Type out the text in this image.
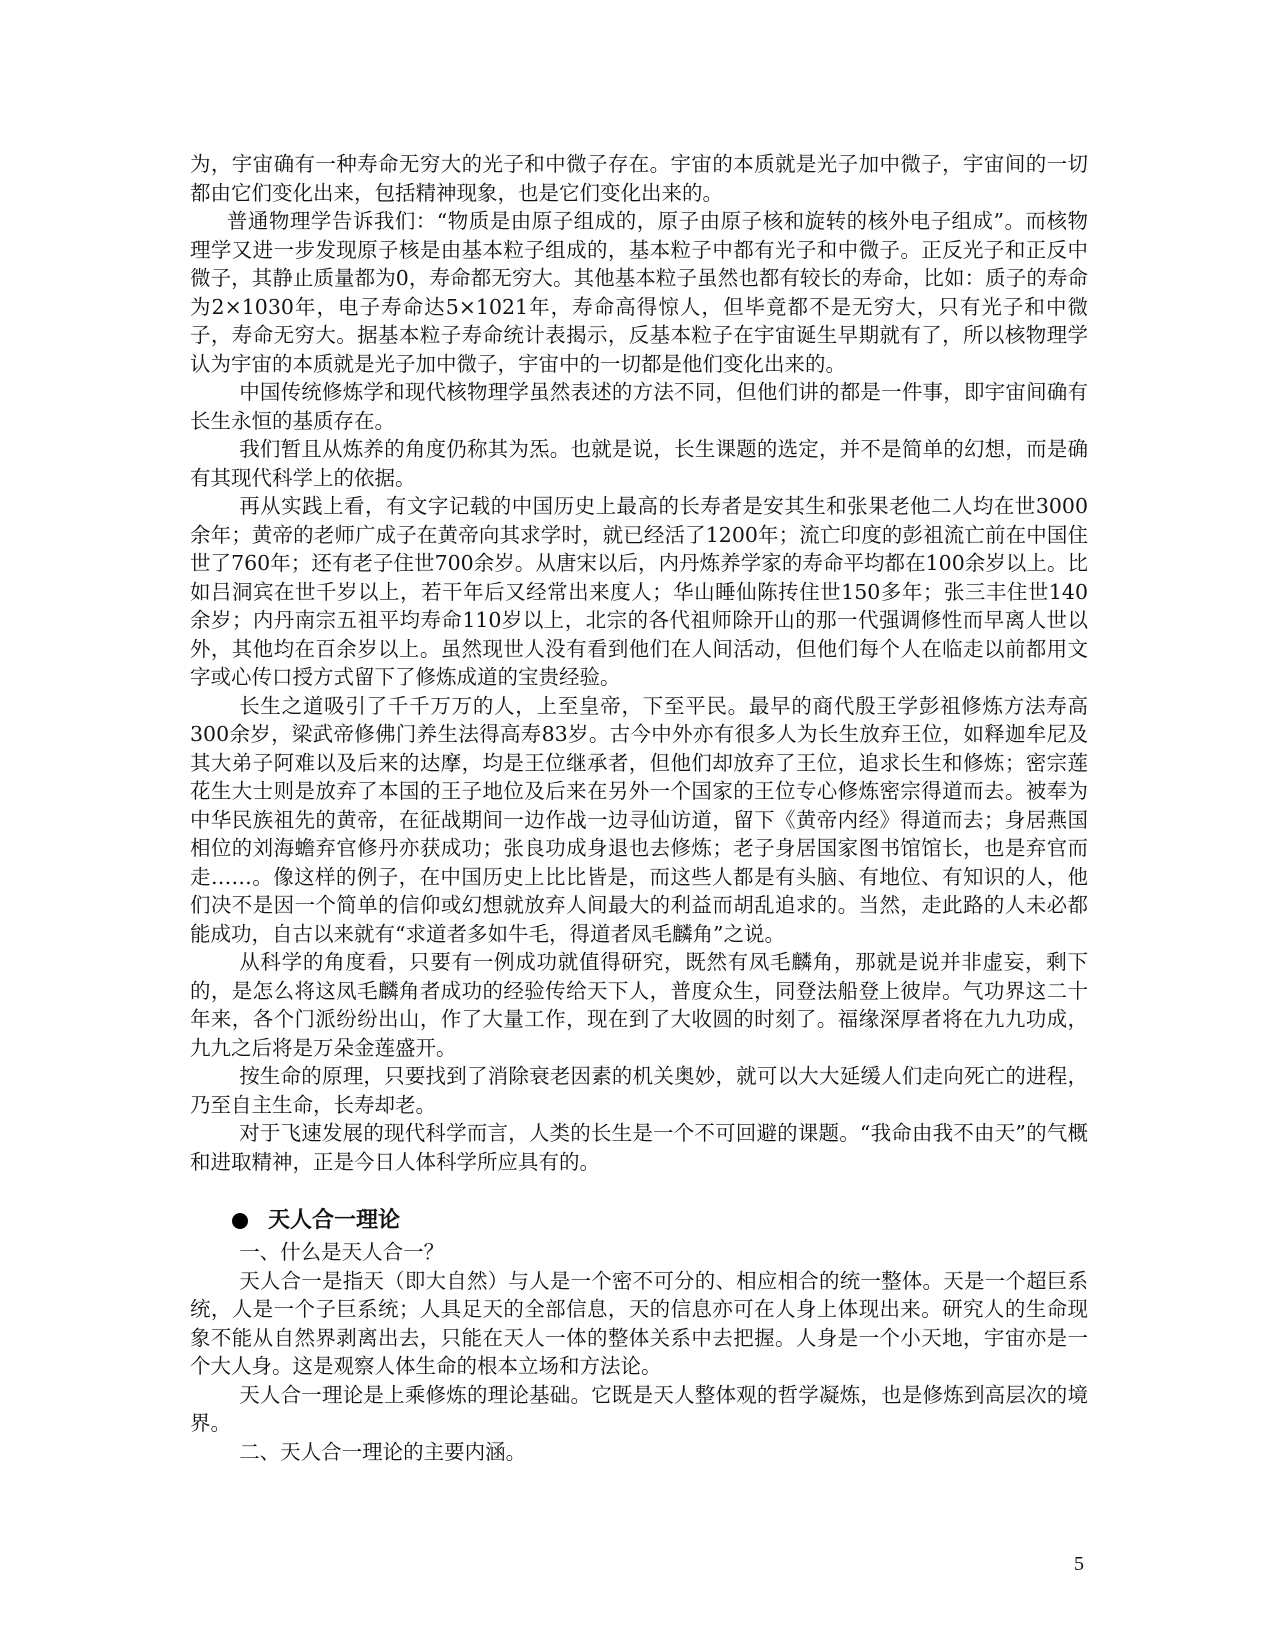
为，宇宙确有一种寿命无穷大的光子和中微子存在。宇宙的本质就是光子加中微子，宇宙间的一切都由它们变化出来，包括精神现象，也是它们变化出来的。

普通物理学告诉我们：“物质是由原子组成的，原子由原子核和旋转的核外电子组成”。而核物理学又进一步发现原子核是由基本粒子组成的，基本粒子中都有光子和中微子。正反光子和正反中微子，其静止质量都为0，寿命都无穷大。其他基本粒子虽然也都有较长的寿命，比如：质子的寿命为2×1030年，电子寿命达5×1021年，寿命高得惊人，但毕竟都不是无穷大，只有光子和中微子，寿命无穷大。据基本粒子寿命统计表揭示，反基本粒子在宇宙诞生早期就有了，所以核物理学认为宇宙的本质就是光子加中微子，宇宙中的一切都是他们变化出来的。

中国传统修炼学和现代核物理学虽然表述的方法不同，但他们讲的都是一件事，即宇宙间确有长生永恒的基质存在。

我们暂且从炼养的角度仍称其为炁。也就是说，长生课题的选定，并不是简单的幻想，而是确有其现代科学上的依据。

再从实践上看，有文字记载的中国历史上最高的长寿者是安其生和张果老他二人均在世3000余年；黄帝的老师广成子在黄帝向其求学时，就已经活了1200年；流亡印度的彭祖流亡前在中国住世了760年；还有老子住世700余岁。从唐宋以后，内丹炼养学家的寿命平均都在100余岁以上。比如吕洞宾在世千岁以上，若干年后又经常出来度人；华山睡仙陈抟住世150多年；张三丰住世140余岁；内丹南宗五祖平均寿命110岁以上，北宗的各代祖师除开山的那一代强调修性而早离人世以外，其他均在百余岁以上。虽然现世人没有看到他们在人间活动，但他们每个人在临走以前都用文字或心传口授方式留下了修炼成道的宝贵经验。

长生之道吸引了千千万万的人，上至皇帝，下至平民。最早的商代殷王学彭祖修炼方法寿高300余岁，梁武帝修佛门养生法得高寿83岁。古今中外亦有很多人为长生放弃王位，如释迦牟尼及其大弟子阿难以及后来的达摩，均是王位继承者，但他们却放弃了王位，追求长生和修炼；密宗莲花生大士则是放弃了本国的王子地位及后来在另外一个国家的王位专心修炼密宗得道而去。被奉为中华民族祖先的黄帝，在征战期间一边作战一边寻仙访道，留下《黄帝内经》得道而去；身居燕国相位的刘海蟾弃官修丹亦获成功；张良功成身退也去修炼；老子身居国家图书馆馆长，也是弃官而走……。像这样的例子，在中国历史上比比皆是，而这些人都是有头脑、有地位、有知识的人，他们决不是因一个简单的信仰或幻想就放弃人间最大的利益而胡乱追求的。当然，走此路的人未必都能成功，自古以来就有“求道者多如牛毛，得道者凤毛麟角”之说。

从科学的角度看，只要有一例成功就值得研究，既然有凤毛麟角，那就是说并非虚妄，剩下的，是怎么将这凤毛麟角者成功的经验传给天下人，普度众生，同登法船登上彼岸。气功界这二十年来，各个门派纷纷出山，作了大量工作，现在到了大收圆的时刻了。福缘深厚者将在九九功成，九九之后将是万朵金莲盛开。

按生命的原理，只要找到了消除衰老因素的机关奥妙，就可以大大延缓人们走向死亡的进程，乃至自主生命，长寿却老。

对于飞速发展的现代科学而言，人类的长生是一个不可回避的课题。“我命由我不由天”的气概和进取精神，正是今日人体科学所应具有的。

天人合一理论

一、什么是天人合一？

天人合一是指天（即大自然）与人是一个密不可分的、相应相合的统一整体。天是一个超巨系统，人是一个子巨系统；人具足天的全部信息，天的信息亦可在人身上体现出来。研究人的生命现象不能从自然界剥离出去，只能在天人一体的整体关系中去把握。人身是一个小天地，宇宙亦是一个大人身。这是观察人体生命的根本立场和方法论。

天人合一理论是上乘修炼的理论基础。它既是天人整体观的哲学凝炼，也是修炼到高层次的境界。

二、天人合一理论的主要内涵。

5
